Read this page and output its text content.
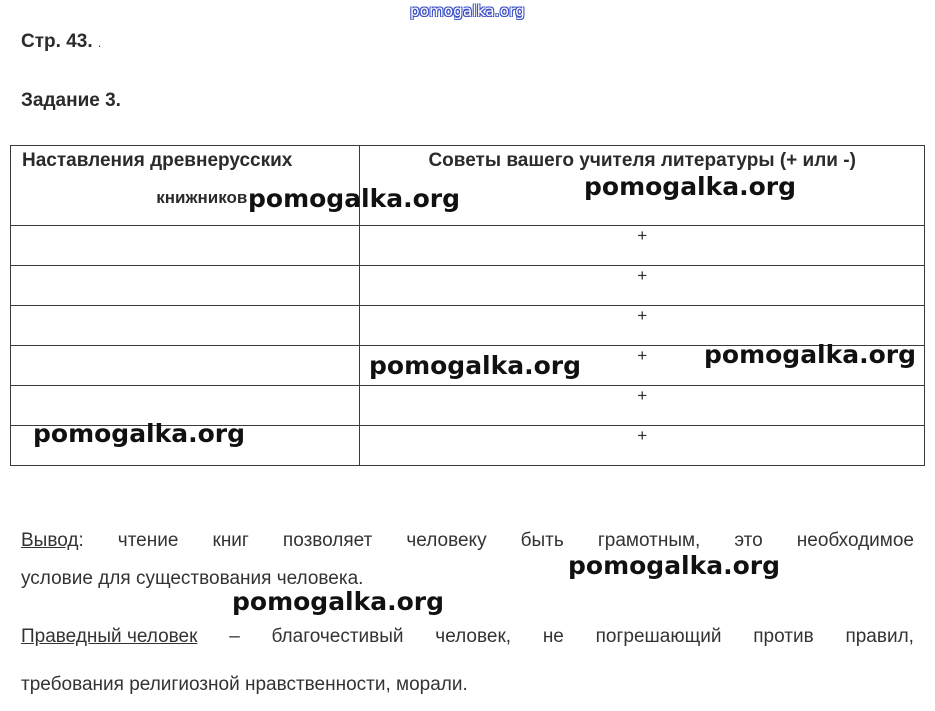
pomogalka.org
Стр. 43. .
Задание 3.
Наставления древнерусских
книжников	Советы вашего учителя литературы (+ или -)

	+
	+
	+
	+
	+
	+
pomogalka.org	pomogalka.org
pomogalka.org	pomogalka.org
pomogalka.org
pomogalka.org
pomogalka.org
Вывод: чтение книг позволяет человеку быть грамотным, это необходимое
условие для существования человека.
Праведный человек – благочестивый человек, не погрешающий против правил,
требования религиозной нравственности, морали.
